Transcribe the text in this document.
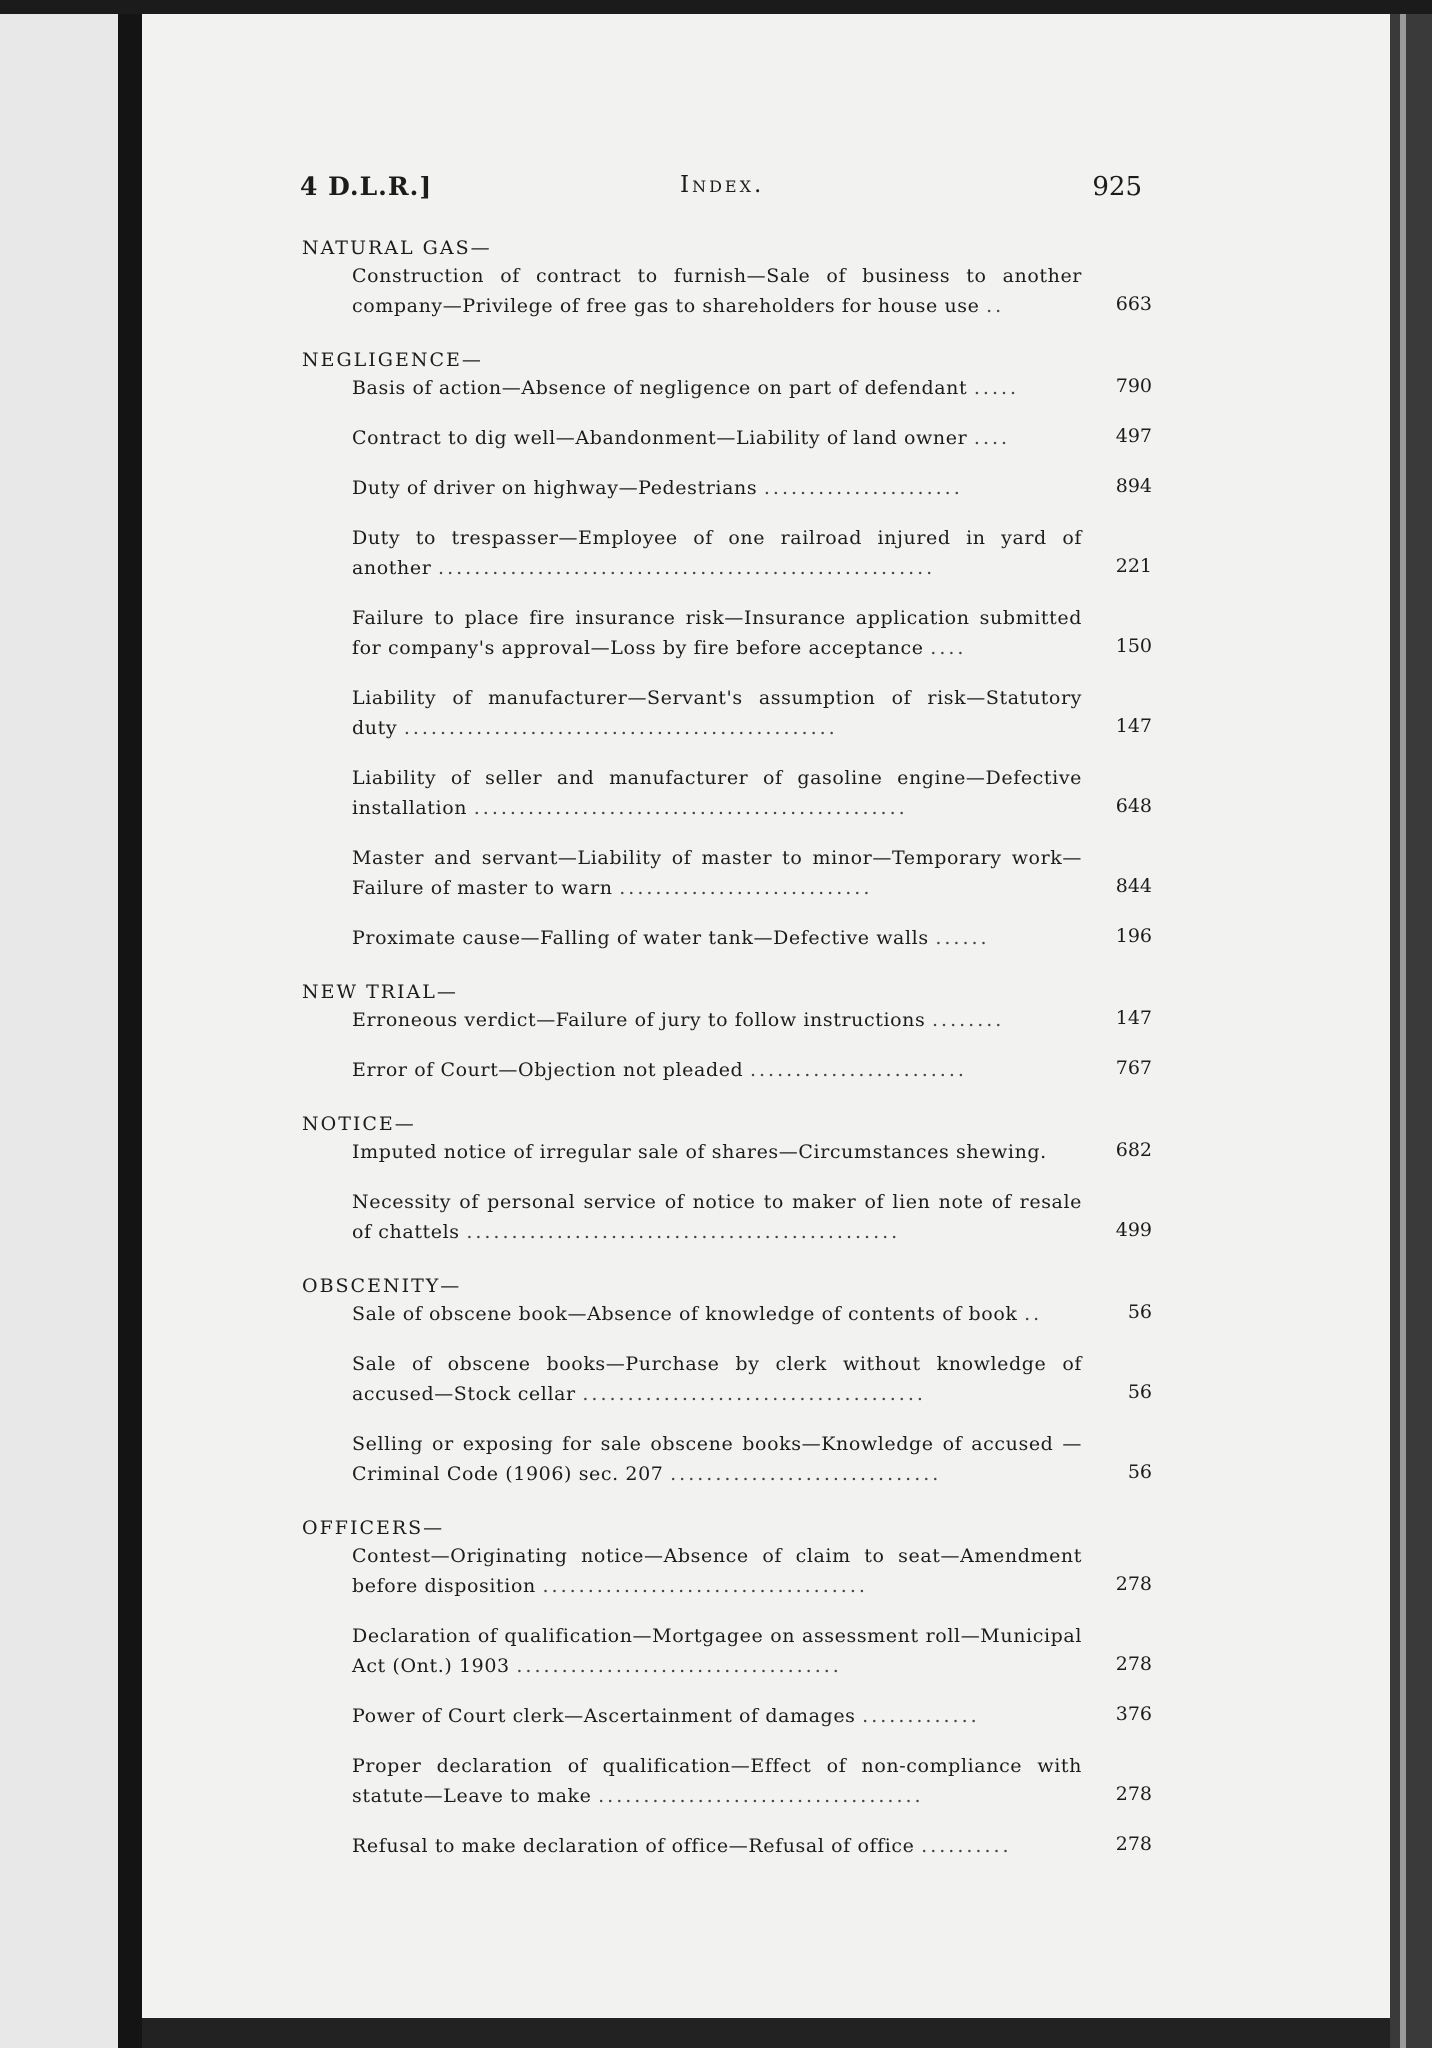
4 D.L.R.]	Index.	925
NATURAL GAS—
Construction of contract to furnish—Sale of business to another company—Privilege of free gas to shareholders for house use ..	663
NEGLIGENCE—
Basis of action—Absence of negligence on part of defendant .....	790
Contract to dig well—Abandonment—Liability of land owner ....	497
Duty of driver on highway—Pedestrians ......................	894
Duty to trespasser—Employee of one railroad injured in yard of another .......................................................	221
Failure to place fire insurance risk—Insurance application submitted for company's approval—Loss by fire before acceptance ....	150
Liability of manufacturer—Servant's assumption of risk—Statutory duty ................................................	147
Liability of seller and manufacturer of gasoline engine—Defective installation ................................................	648
Master and servant—Liability of master to minor—Temporary work—Failure of master to warn ............................	844
Proximate cause—Falling of water tank—Defective walls ......	196
NEW TRIAL—
Erroneous verdict—Failure of jury to follow instructions ........	147
Error of Court—Objection not pleaded ........................	767
NOTICE—
Imputed notice of irregular sale of shares—Circumstances shewing.	682
Necessity of personal service of notice to maker of lien note of resale of chattels ................................................	499
OBSCENITY—
Sale of obscene book—Absence of knowledge of contents of book ..	56
Sale of obscene books—Purchase by clerk without knowledge of accused—Stock cellar ......................................	56
Selling or exposing for sale obscene books—Knowledge of accused —Criminal Code (1906) sec. 207 ..............................	56
OFFICERS—
Contest—Originating notice—Absence of claim to seat—Amendment before disposition ....................................	278
Declaration of qualification—Mortgagee on assessment roll—Municipal Act (Ont.) 1903 ....................................	278
Power of Court clerk—Ascertainment of damages .............	376
Proper declaration of qualification—Effect of non-compliance with statute—Leave to make ....................................	278
Refusal to make declaration of office—Refusal of office ..........	278
